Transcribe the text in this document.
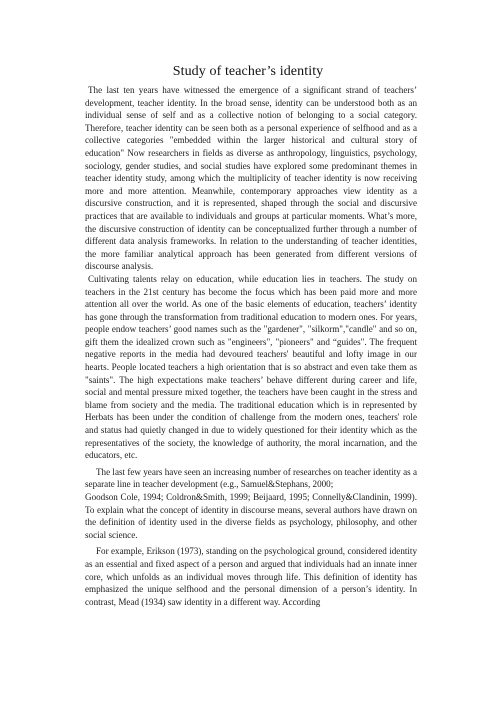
Study of teacher’s identity

The last ten years have witnessed the emergence of a significant strand of teachers’ development, teacher identity. In the broad sense, identity can be understood both as an individual sense of self and as a collective notion of belonging to a social category. Therefore, teacher identity can be seen both as a personal experience of selfhood and as a collective categories "embedded within the larger historical and cultural story of education" Now researchers in fields as diverse as anthropology, linguistics, psychology, sociology, gender studies, and social studies have explored some predominant themes in teacher identity study, among which the multiplicity of teacher identity is now receiving more and more attention. Meanwhile, contemporary approaches view identity as a discursive construction, and it is represented, shaped through the social and discursive practices that are available to individuals and groups at particular moments. What’s more, the discursive construction of identity can be conceptualized further through a number of different data analysis frameworks. In relation to the understanding of teacher identities, the more familiar analytical approach has been generated from different versions of discourse analysis.

Cultivating talents relay on education, while education lies in teachers. The study on teachers in the 21st century has become the focus which has been paid more and more attention all over the world. As one of the basic elements of education, teachers’ identity has gone through the transformation from traditional education to modern ones. For years, people endow teachers’ good names such as the "gardener", "silkorm","candle" and so on, gift them the idealized crown such as "engineers", "pioneers" and “guides". The frequent negative reports in the media had devoured teachers' beautiful and lofty image in our hearts. People located teachers a high orientation that is so abstract and even take them as "saints". The high expectations make teachers’ behave different during career and life, social and mental pressure mixed together, the teachers have been caught in the stress and blame from society and the media. The traditional education which is in represented by Herbats has been under the condition of challenge from the modern ones, teachers' role and status had quietly changed in due to widely questioned for their identity which as the representatives of the society, the knowledge of authority, the moral incarnation, and the educators, etc.

The last few years have seen an increasing number of researches on teacher identity as a separate line in teacher development (e.g., Samuel&Stephans, 2000;

Goodson Cole, 1994; Coldron&Smith, 1999; Beijaard, 1995; Connelly&Clandinin, 1999). To explain what the concept of identity in discourse means, several authors have drawn on the definition of identity used in the diverse fields as psychology, philosophy, and other social science.

For example, Erikson (1973), standing on the psychological ground, considered identity as an essential and fixed aspect of a person and argued that individuals had an innate inner core, which unfolds as an individual moves through life. This definition of identity has emphasized the unique selfhood and the personal dimension of a person’s identity. In contrast, Mead (1934) saw identity in a different way. According
